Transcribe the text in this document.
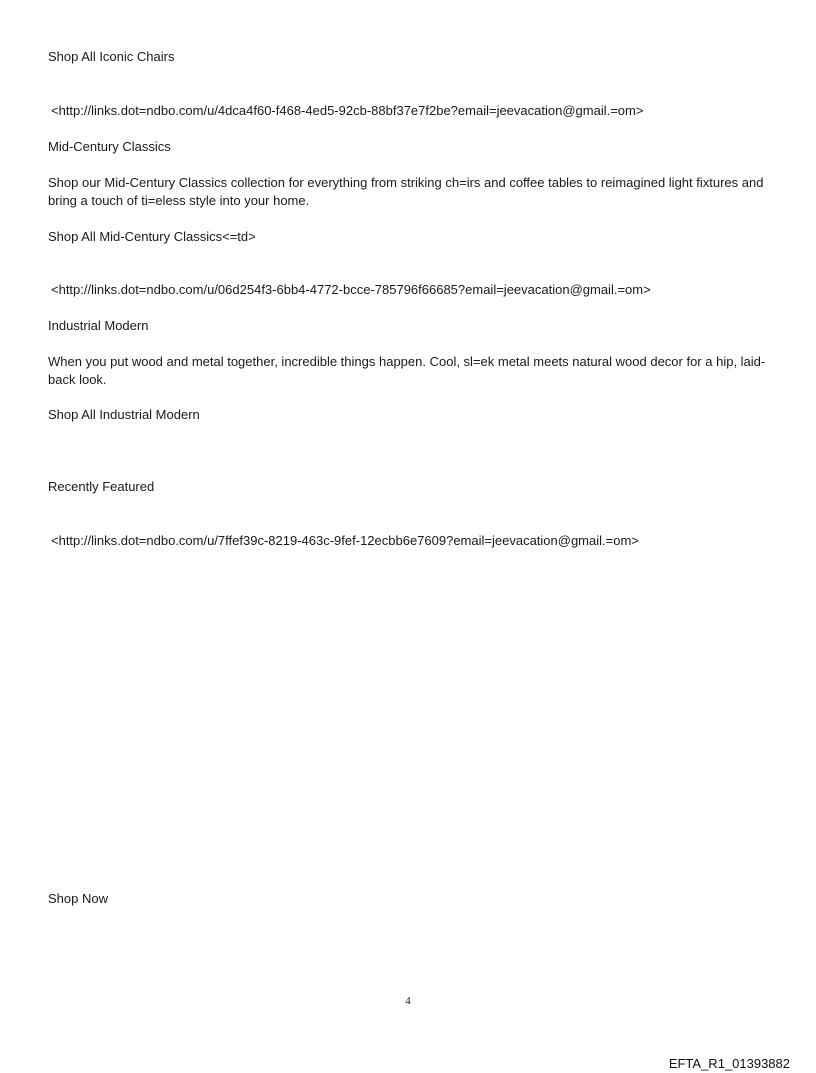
Shop All Iconic Chairs
<http://links.dot=ndbo.com/u/4dca4f60-f468-4ed5-92cb-88bf37e7f2be?email=jeevacation@gmail.=om>
Mid-Century Classics
Shop our Mid-Century Classics collection for everything from striking ch=irs and coffee tables to reimagined light fixtures and bring a touch of ti=eless style into your home.
Shop All Mid-Century Classics<=td>
<http://links.dot=ndbo.com/u/06d254f3-6bb4-4772-bcce-785796f66685?email=jeevacation@gmail.=om>
Industrial Modern
When you put wood and metal together, incredible things happen. Cool, sl=ek metal meets natural wood decor for a hip, laid-back look.
Shop All Industrial Modern
Recently Featured
<http://links.dot=ndbo.com/u/7ffef39c-8219-463c-9fef-12ecbb6e7609?email=jeevacation@gmail.=om>
Shop Now
4
EFTA_R1_01393882
